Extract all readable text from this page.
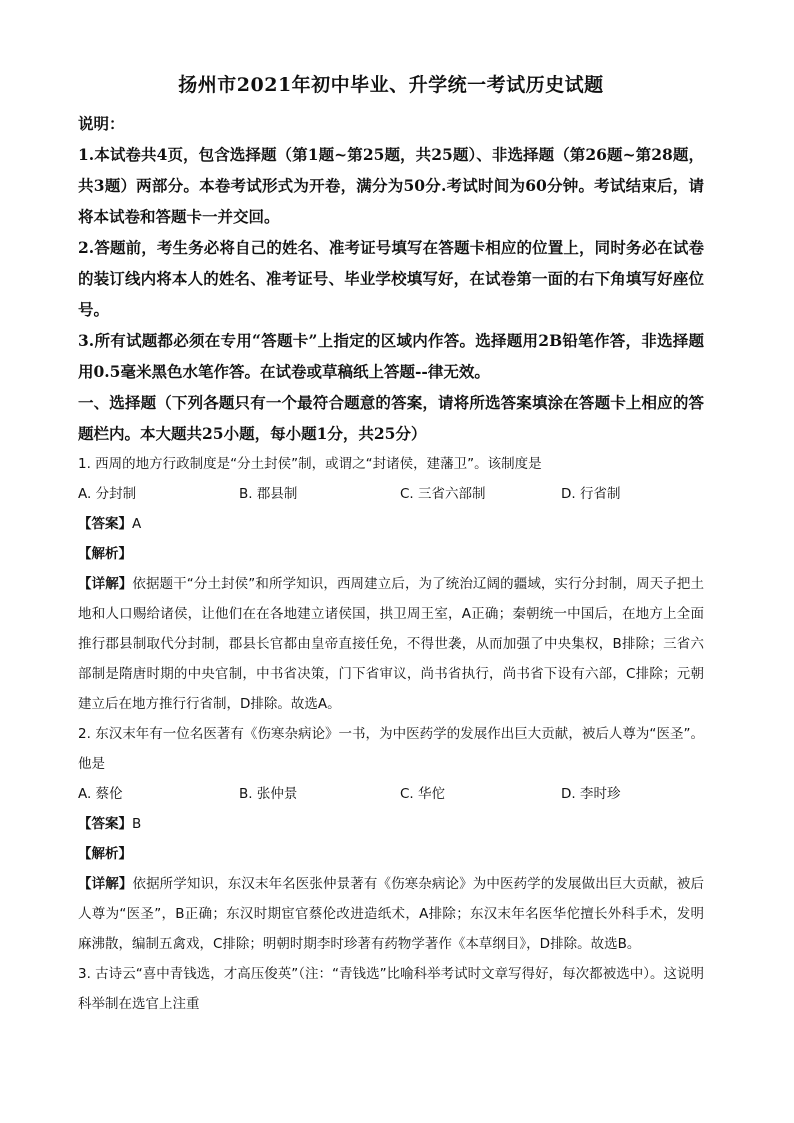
扬州市2021年初中毕业、升学统一考试历史试题

说明：

1.本试卷共4页，包含选择题（第1题~第25题，共25题）、非选择题（第26题~第28题，共3题）两部分。本卷考试形式为开卷，满分为50分.考试时间为60分钟。考试结束后，请将本试卷和答题卡一并交回。

2.答题前，考生务必将自己的姓名、准考证号填写在答题卡相应的位置上，同时务必在试卷的装订线内将本人的姓名、准考证号、毕业学校填写好，在试卷第一面的右下角填写好座位号。

3.所有试题都必须在专用“答题卡”上指定的区域内作答。选择题用2B铅笔作答，非选择题用0.5毫米黑色水笔作答。在试卷或草稿纸上答题--律无效。

一、选择题（下列各题只有一个最符合题意的答案，请将所选答案填涂在答题卡上相应的答题栏内。本大题共25小题，每小题1分，共25分）

1. 西周的地方行政制度是“分土封侯”制，或谓之“封诸侯，建藩卫”。该制度是

A. 分封制	B. 郡县制	C. 三省六部制	D. 行省制

【答案】A

【解析】

【详解】依据题干“分土封侯”和所学知识，西周建立后，为了统治辽阔的疆域，实行分封制，周天子把土地和人口赐给诸侯，让他们在在各地建立诸侯国，拱卫周王室，A正确；秦朝统一中国后，在地方上全面推行郡县制取代分封制，郡县长官都由皇帝直接任免，不得世袭，从而加强了中央集权，B排除；三省六部制是隋唐时期的中央官制，中书省决策，门下省审议，尚书省执行，尚书省下设有六部，C排除；元朝建立后在地方推行行省制，D排除。故选A。

2. 东汉末年有一位名医著有《伤寒杂病论》一书，为中医药学的发展作出巨大贡献，被后人尊为“医圣”。他是

A. 蔡伦	B. 张仲景	C. 华佗	D. 李时珍

【答案】B

【解析】

【详解】依据所学知识，东汉末年名医张仲景著有《伤寒杂病论》为中医药学的发展做出巨大贡献，被后人尊为“医圣”，B正确；东汉时期宦官蔡伦改进造纸术，A排除；东汉末年名医华佗擅长外科手术，发明麻沸散，编制五禽戏，C排除；明朝时期李时珍著有药物学著作《本草纲目》，D排除。故选B。

3. 古诗云“喜中青钱选，才高压俊英”（注：“青钱选”比喻科举考试时文章写得好，每次都被选中）。这说明科举制在选官上注重
